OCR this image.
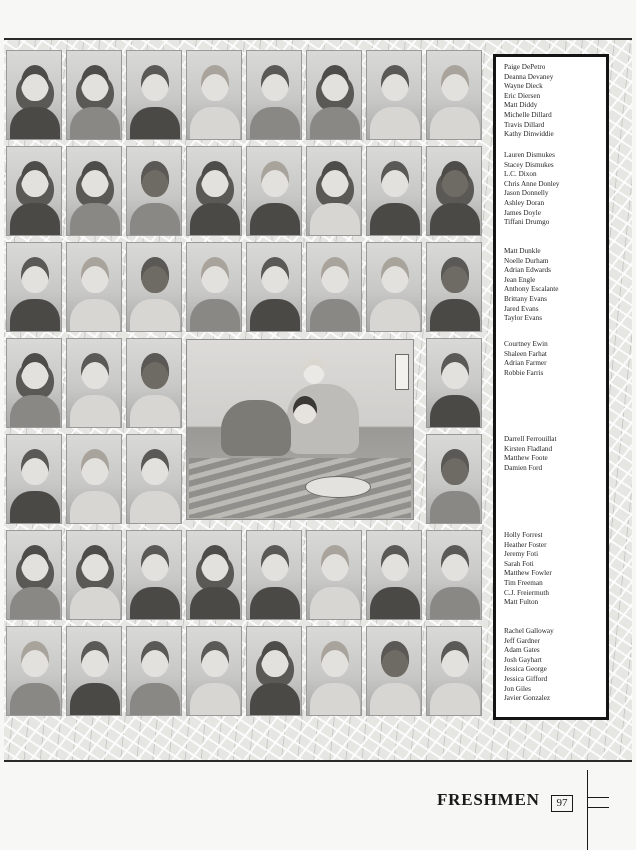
Paige DePetro
Deanna Devaney
Wayne Dieck
Eric Diersen
Matt Diddy
Michelle Dillard
Travis Dillard
Kathy Dinwiddie
Lauren Dismukes
Stacey Dismukes
L.C. Dixon
Chris Anne Donley
Jason Donnelly
Ashley Doran
James Doyle
Tiffani Drumgo
Matt Dunkle
Noelle Durham
Adrian Edwards
Jean Engle
Anthony Escalante
Brittany Evans
Jared Evans
Taylor Evans
Courtney Ewin
Shaleen Farhat
Adrian Farmer
Robbie Farris
Darrell Ferrouillat
Kirsten Fladland
Matthew Foote
Damien Ford
Holly Forrest
Heather Foster
Jeremy Foti
Sarah Foti
Matthew Fowler
Tim Freeman
C.J. Freiermuth
Matt Fulton
Rachel Galloway
Jeff Gardner
Adam Gates
Josh Gayhart
Jessica George
Jessica Gifford
Jon Giles
Javier Gonzalez
FRESHMEN	97
